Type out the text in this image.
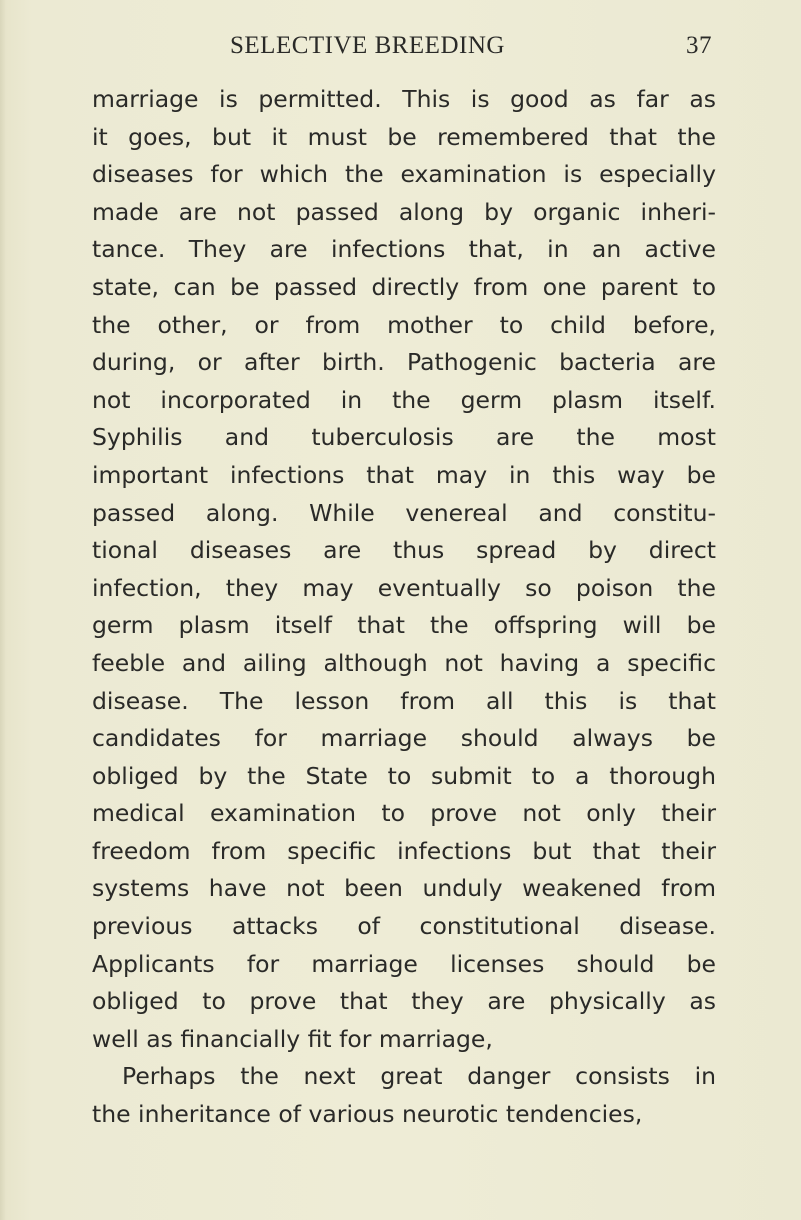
SELECTIVE BREEDING	37
marriage is permitted. This is good as far as
it goes, but it must be remembered that the
diseases for which the examination is especially
made are not passed along by organic inheri-
tance. They are infections that, in an active
state, can be passed directly from one parent to
the other, or from mother to child before,
during, or after birth. Pathogenic bacteria are
not incorporated in the germ plasm itself.
Syphilis and tuberculosis are the most
important infections that may in this way be
passed along. While venereal and constitu-
tional diseases are thus spread by direct
infection, they may eventually so poison the
germ plasm itself that the offspring will be
feeble and ailing although not having a specific
disease. The lesson from all this is that
candidates for marriage should always be
obliged by the State to submit to a thorough
medical examination to prove not only their
freedom from specific infections but that their
systems have not been unduly weakened from
previous attacks of constitutional disease.
Applicants for marriage licenses should be
obliged to prove that they are physically as
well as financially fit for marriage,
Perhaps the next great danger consists in
the inheritance of various neurotic tendencies,
